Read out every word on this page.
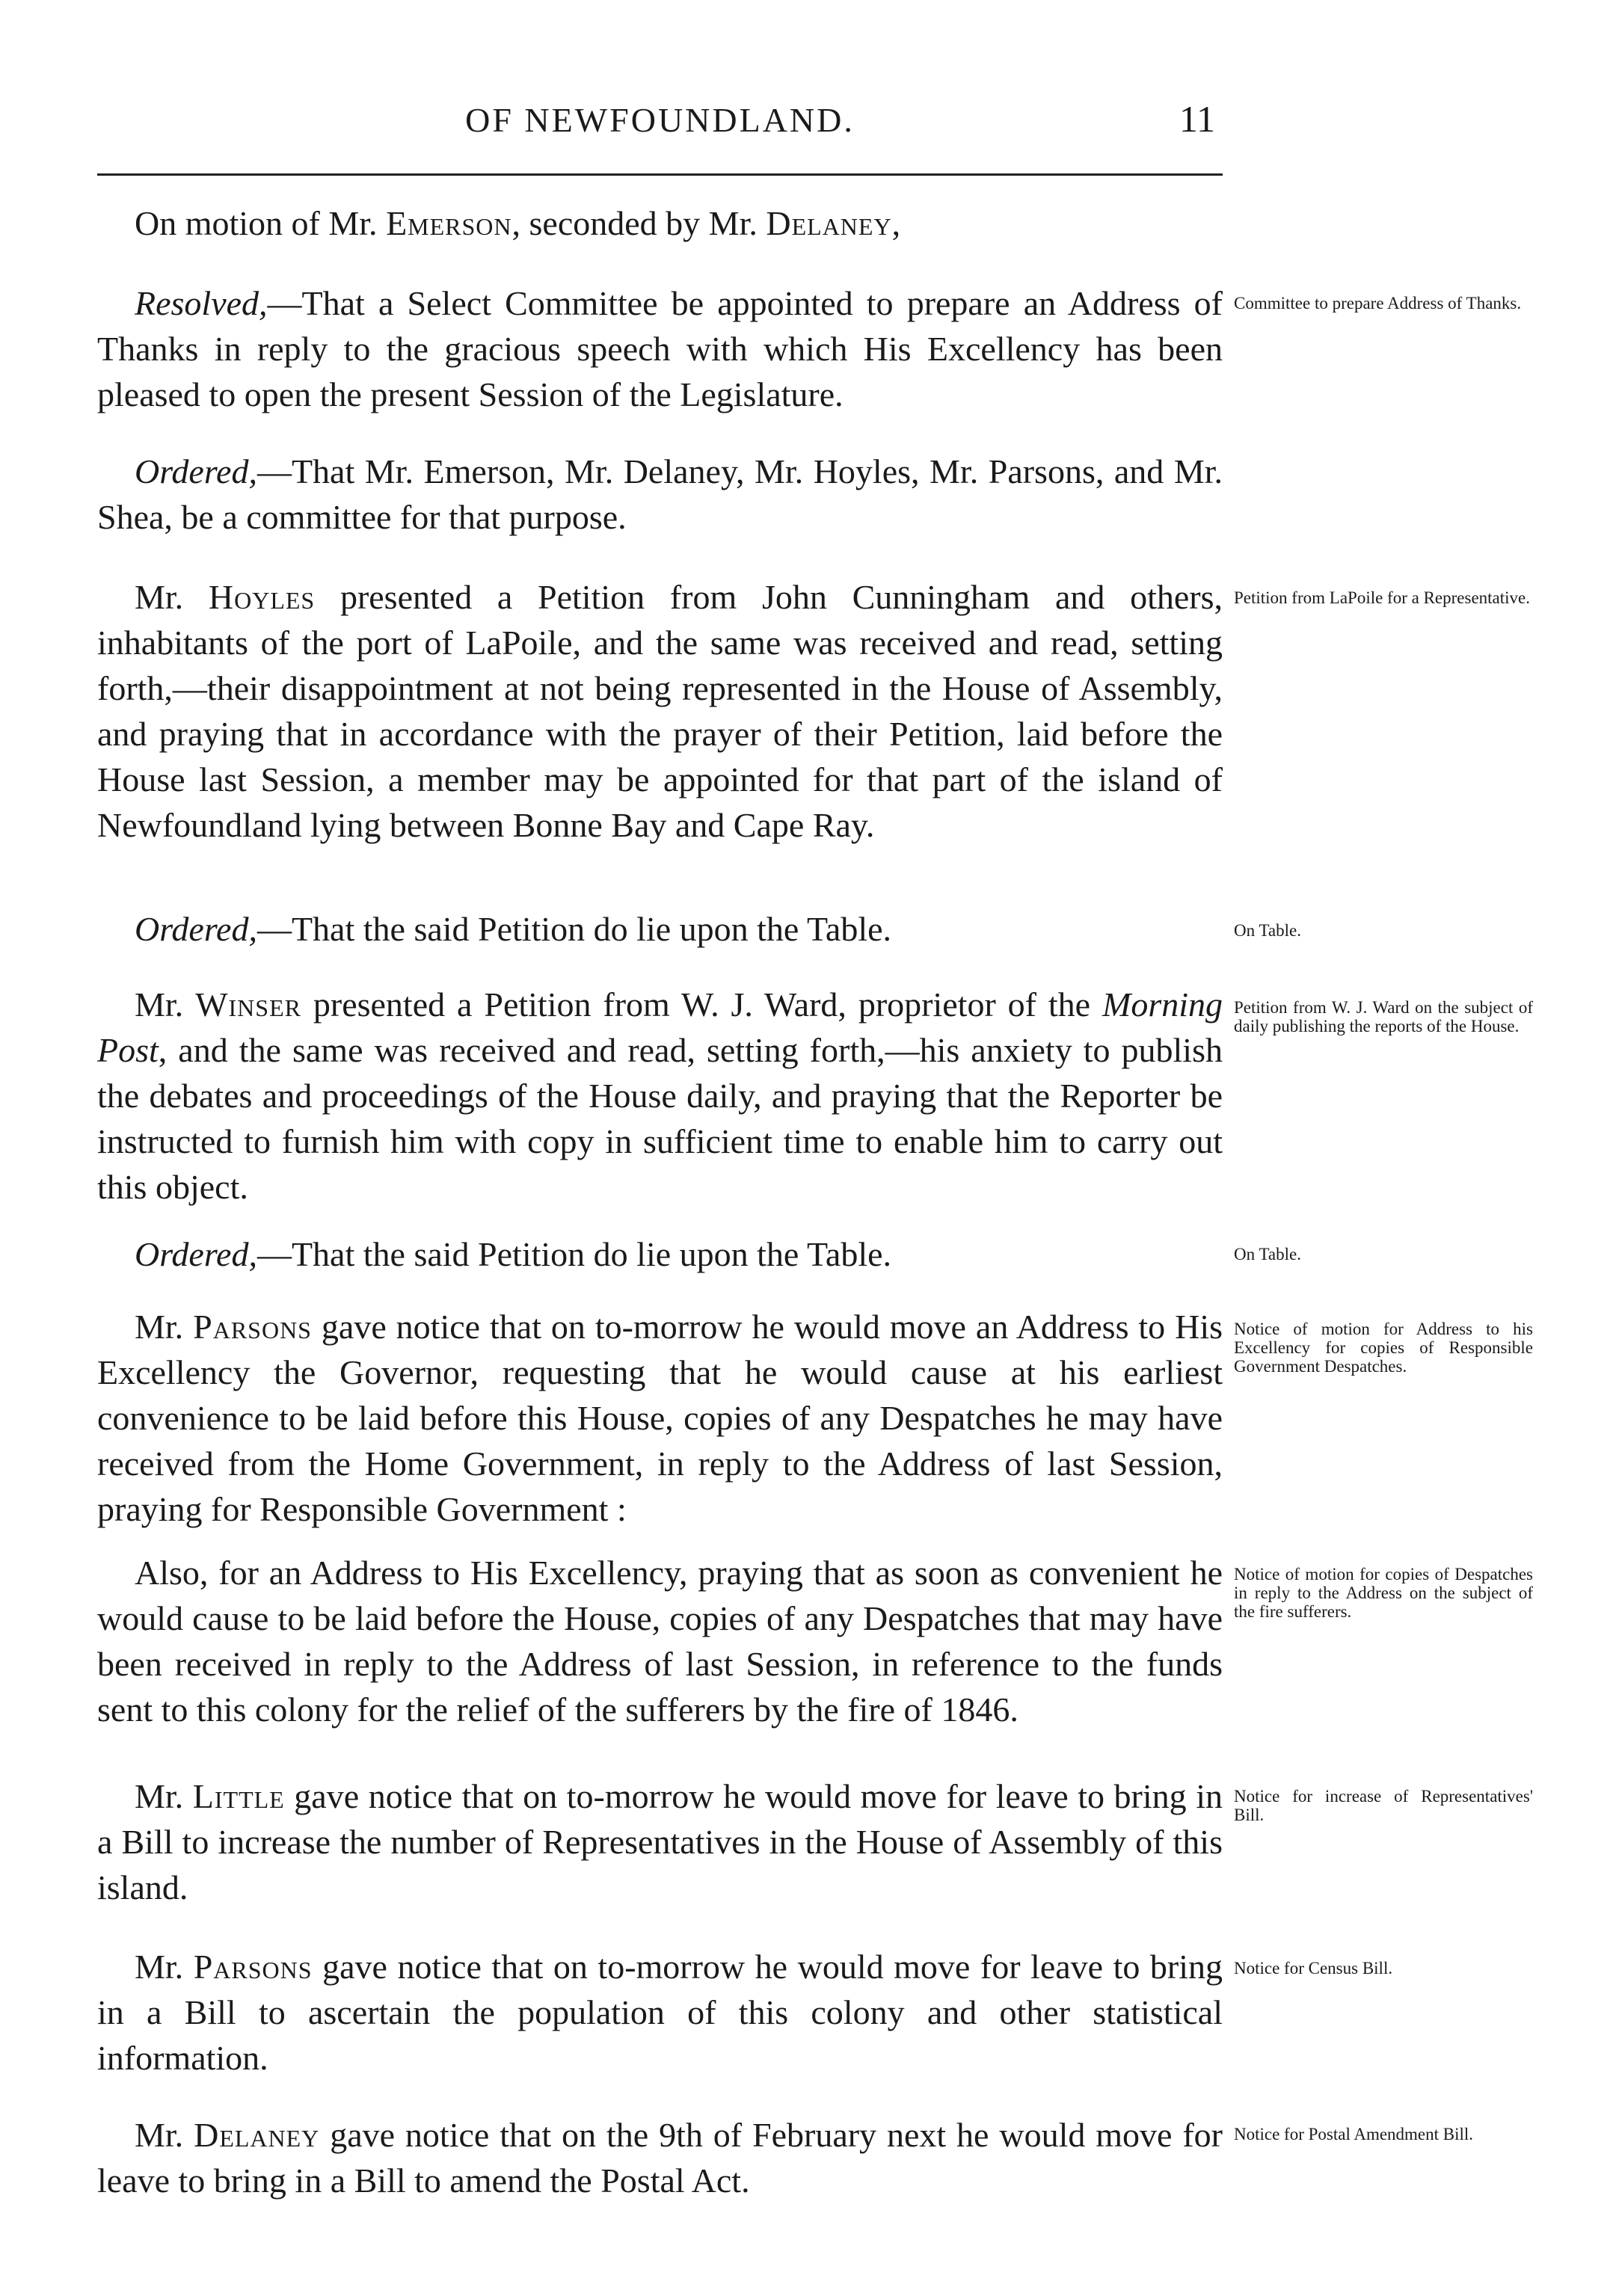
OF NEWFOUNDLAND.	11

On motion of Mr. Emerson, seconded by Mr. Delaney,

Resolved,—That a Select Committee be appointed to prepare an Address of Thanks in reply to the gracious speech with which His Excellency has been pleased to open the present Session of the Legislature.

Ordered,—That Mr. Emerson, Mr. Delaney, Mr. Hoyles, Mr. Parsons, and Mr. Shea, be a committee for that purpose.

Mr. Hoyles presented a Petition from John Cunningham and others, inhabitants of the port of LaPoile, and the same was received and read, setting forth,—their disappointment at not being represented in the House of Assembly, and praying that in accordance with the prayer of their Petition, laid before the House last Session, a member may be appointed for that part of the island of Newfoundland lying between Bonne Bay and Cape Ray.

Ordered,—That the said Petition do lie upon the Table.

Mr. Winser presented a Petition from W. J. Ward, proprietor of the Morning Post, and the same was received and read, setting forth,—his anxiety to publish the debates and proceedings of the House daily, and praying that the Reporter be instructed to furnish him with copy in sufficient time to enable him to carry out this object.

Ordered,—That the said Petition do lie upon the Table.

Mr. Parsons gave notice that on to-morrow he would move an Address to His Excellency the Governor, requesting that he would cause at his earliest convenience to be laid before this House, copies of any Despatches he may have received from the Home Government, in reply to the Address of last Session, praying for Responsible Government :

Also, for an Address to His Excellency, praying that as soon as convenient he would cause to be laid before the House, copies of any Despatches that may have been received in reply to the Address of last Session, in reference to the funds sent to this colony for the relief of the sufferers by the fire of 1846.

Mr. Little gave notice that on to-morrow he would move for leave to bring in a Bill to increase the number of Representatives in the House of Assembly of this island.

Mr. Parsons gave notice that on to-morrow he would move for leave to bring in a Bill to ascertain the population of this colony and other statistical information.

Mr. Delaney gave notice that on the 9th of February next he would move for leave to bring in a Bill to amend the Postal Act.

Committee to prepare Address of Thanks.
Petition from LaPoile for a Representative.
On Table.
Petition from W. J. Ward on the subject of daily publishing the reports of the House.
On Table.
Notice of motion for Address to his Excellency for copies of Responsible Government Despatches.
Notice of motion for copies of Despatches in reply to the Address on the subject of the fire sufferers.
Notice for increase of Representatives' Bill.
Notice for Census Bill.
Notice for Postal Amendment Bill.
